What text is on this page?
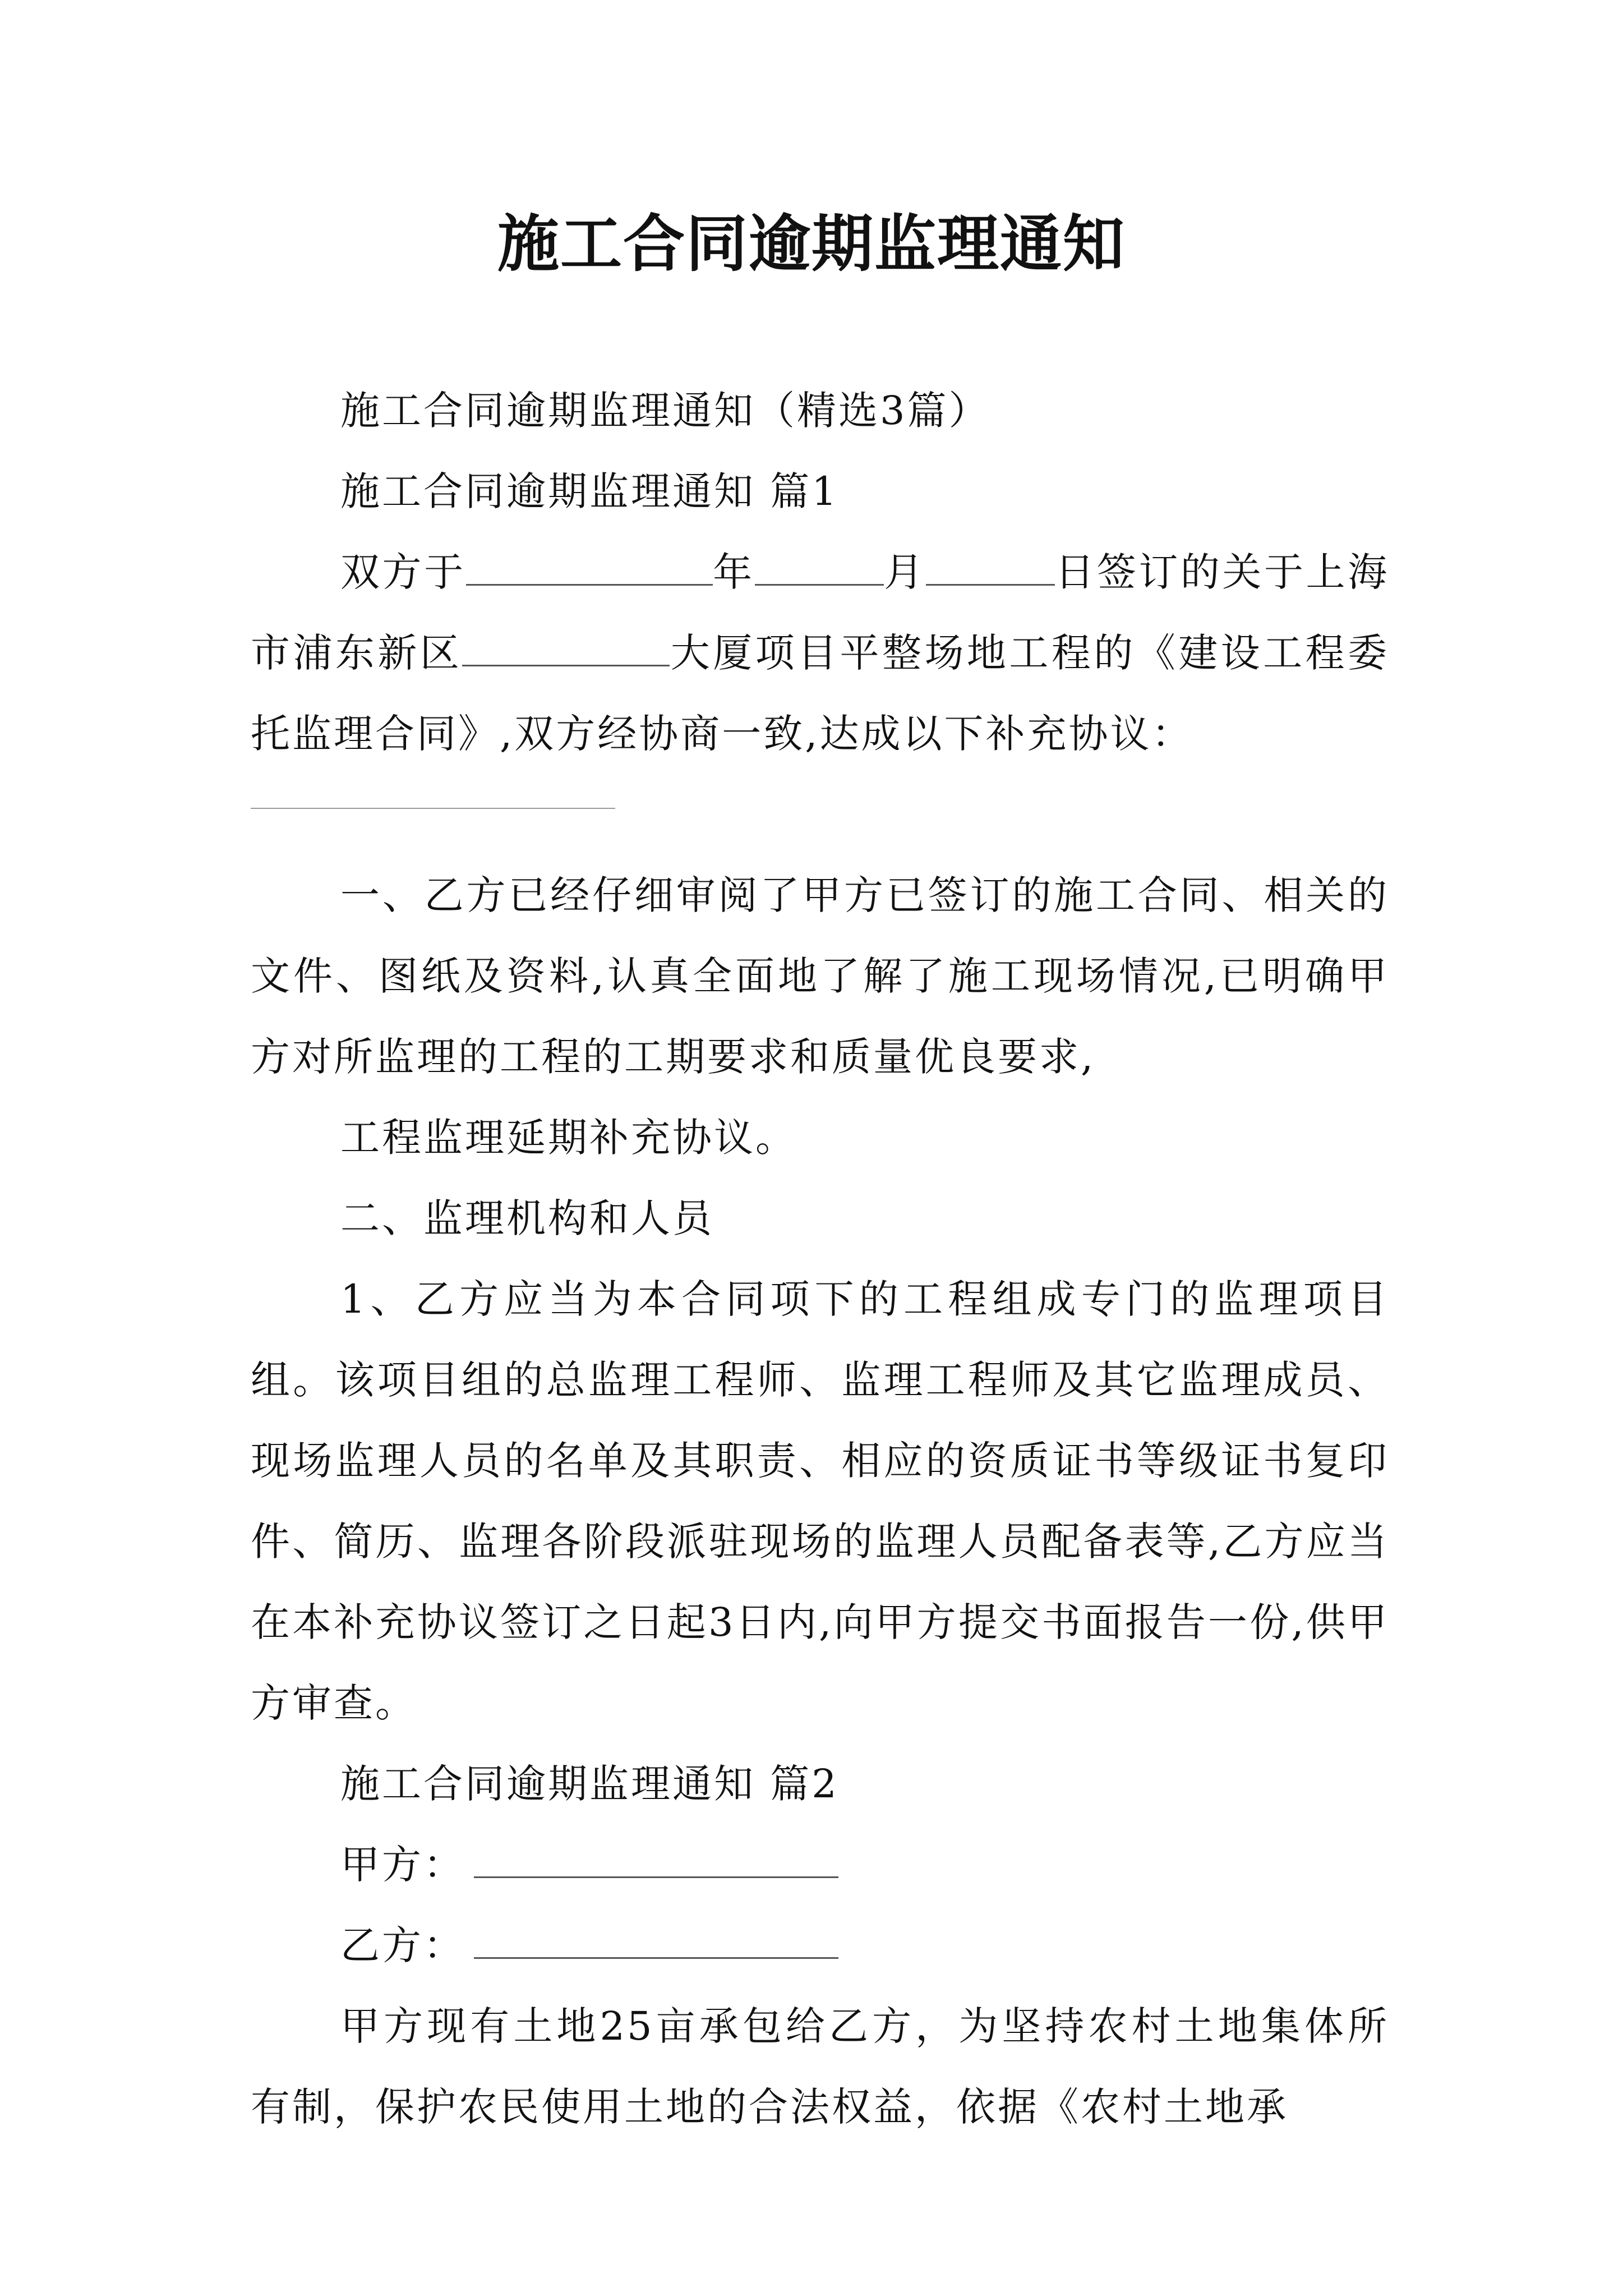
施工合同逾期监理通知

施工合同逾期监理通知（精选3篇）

施工合同逾期监理通知 篇1

双方于	年	月	日签订的关于上海市浦东新区	大厦项目平整场地工程的《建设工程委托监理合同》,双方经协商一致,达成以下补充协议：

一、乙方已经仔细审阅了甲方已签订的施工合同、相关的文件、图纸及资料,认真全面地了解了施工现场情况,已明确甲方对所监理的工程的工期要求和质量优良要求,

工程监理延期补充协议。

二、监理机构和人员

1、乙方应当为本合同项下的工程组成专门的监理项目组。该项目组的总监理工程师、监理工程师及其它监理成员、现场监理人员的名单及其职责、相应的资质证书等级证书复印件、简历、监理各阶段派驻现场的监理人员配备表等,乙方应当在本补充协议签订之日起3日内,向甲方提交书面报告一份,供甲方审查。

施工合同逾期监理通知 篇2

甲方：

乙方：

甲方现有土地25亩承包给乙方，为坚持农村土地集体所有制，保护农民使用土地的合法权益，依据《农村土地承
